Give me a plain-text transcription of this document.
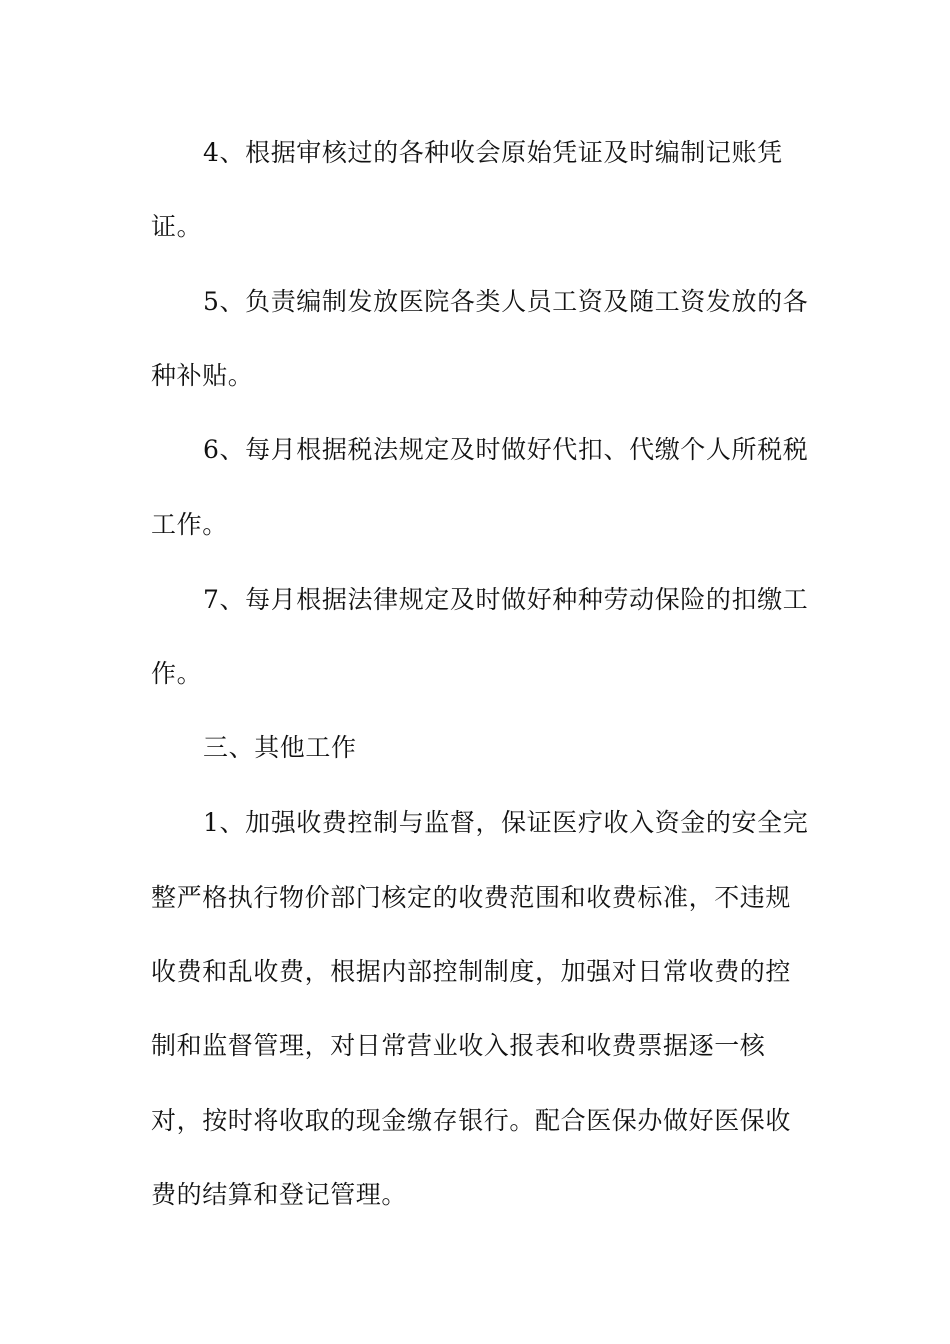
4、根据审核过的各种收会原始凭证及时编制记账凭
证。
5、负责编制发放医院各类人员工资及随工资发放的各
种补贴。
6、每月根据税法规定及时做好代扣、代缴个人所税税
工作。
7、每月根据法律规定及时做好种种劳动保险的扣缴工
作。
三、其他工作
1、加强收费控制与监督，保证医疗收入资金的安全完
整严格执行物价部门核定的收费范围和收费标准，不违规
收费和乱收费，根据内部控制制度，加强对日常收费的控
制和监督管理，对日常营业收入报表和收费票据逐一核
对，按时将收取的现金缴存银行。配合医保办做好医保收
费的结算和登记管理。
